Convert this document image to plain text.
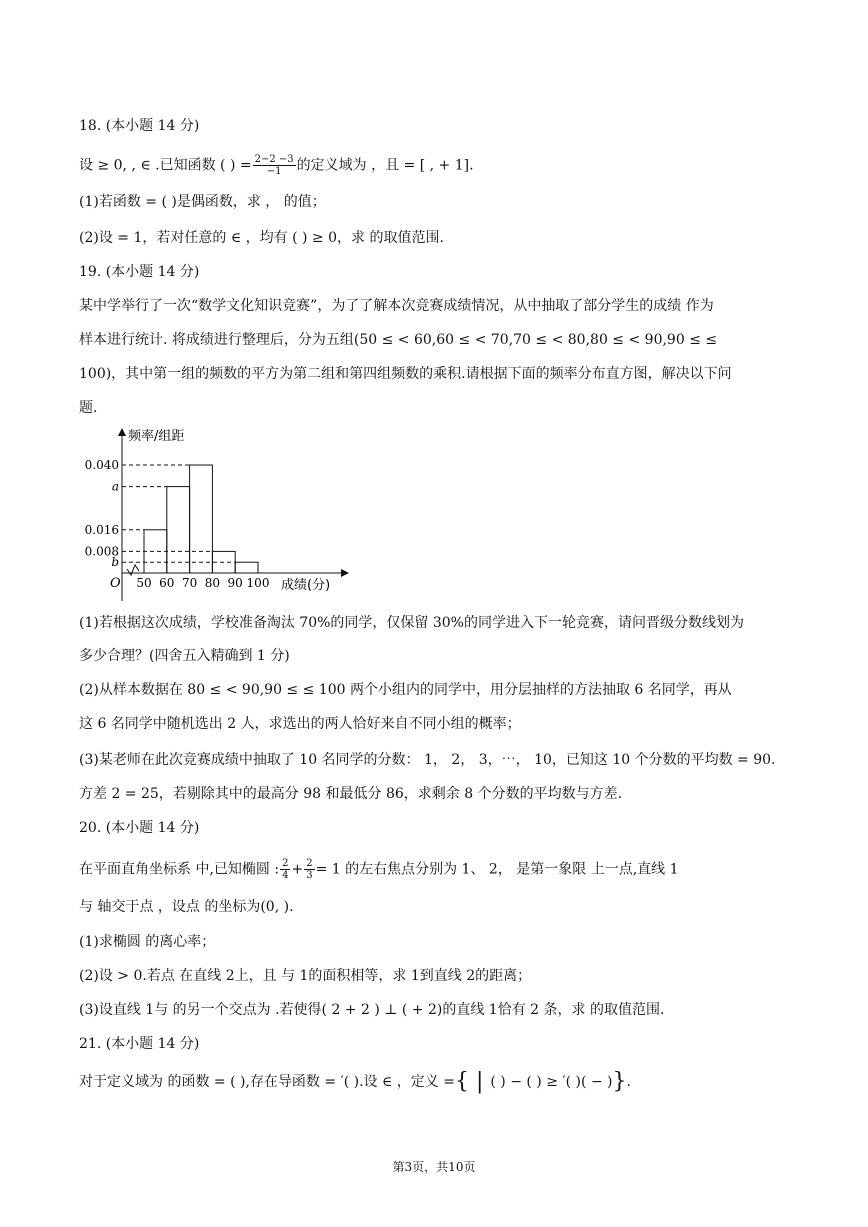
18. (本小题 14 分)
设 ≥ 0, , ∈ .已知函数 ( ) = $\frac{2-2 -3}{-1}$ 的定义域为 ，且 = [ , + 1].
(1)若函数 = ( )是偶函数，求 ， 的值；
(2)设 = 1，若对任意的 ∈ ，均有 ( ) ≥ 0，求 的取值范围.
19. (本小题 14 分)
某中学举行了一次“数学文化知识竞赛”，为了了解本次竞赛成绩情况，从中抽取了部分学生的成绩 作为
样本进行统计. 将成绩进行整理后，分为五组(50 ≤ < 60,60 ≤ < 70,70 ≤ < 80,80 ≤ < 90,90 ≤ ≤
100)，其中第一组的频数的平方为第二组和第四组频数的乘积.请根据下面的频率分布直方图，解决以下问
题.
0.040
a
0.016
0.008
b
50 60 70 80 90 100
O
频率/组距
成绩(分)
(1)若根据这次成绩，学校准备淘汰 70%的同学，仅保留 30%的同学进入下一轮竞赛，请问晋级分数线划为
多少合理？(四舍五入精确到 1 分)
(2)从样本数据在 80 ≤ < 90,90 ≤ ≤ 100 两个小组内的同学中，用分层抽样的方法抽取 6 名同学，再从
这 6 名同学中随机选出 2 人，求选出的两人恰好来自不同小组的概率；
(3)某老师在此次竞赛成绩中抽取了 10 名同学的分数： 1， 2， 3，⋯， 10，已知这 10 个分数的平均数 = 90.
方差 2 = 25，若剔除其中的最高分 98 和最低分 86，求剩余 8 个分数的平均数与方差.
20. (本小题 14 分)
在平面直角坐标系 中,已知椭圆 : $\frac{2}{4} + \frac{2}{3} = 1$ 的左右焦点分别为 1、 2， 是第一象限 上一点,直线 1
与 轴交于点 ，设点 的坐标为(0, ).
(1)求椭圆 的离心率；
(2)设 > 0.若点 在直线 2上，且 与 1的面积相等，求 1到直线 2的距离；
(3)设直线 1与 的另一个交点为 .若使得( 2 + 2 ) ⊥ ( + 2)的直线 1恰有 2 条，求 的取值范围.
21. (本小题 14 分)
对于定义域为 的函数 = ( ),存在导函数 = ′( ).设 ∈ ，定义 ={ | ( ) − ( ) ≥ ′( )( − )}.
第3页，共10页
